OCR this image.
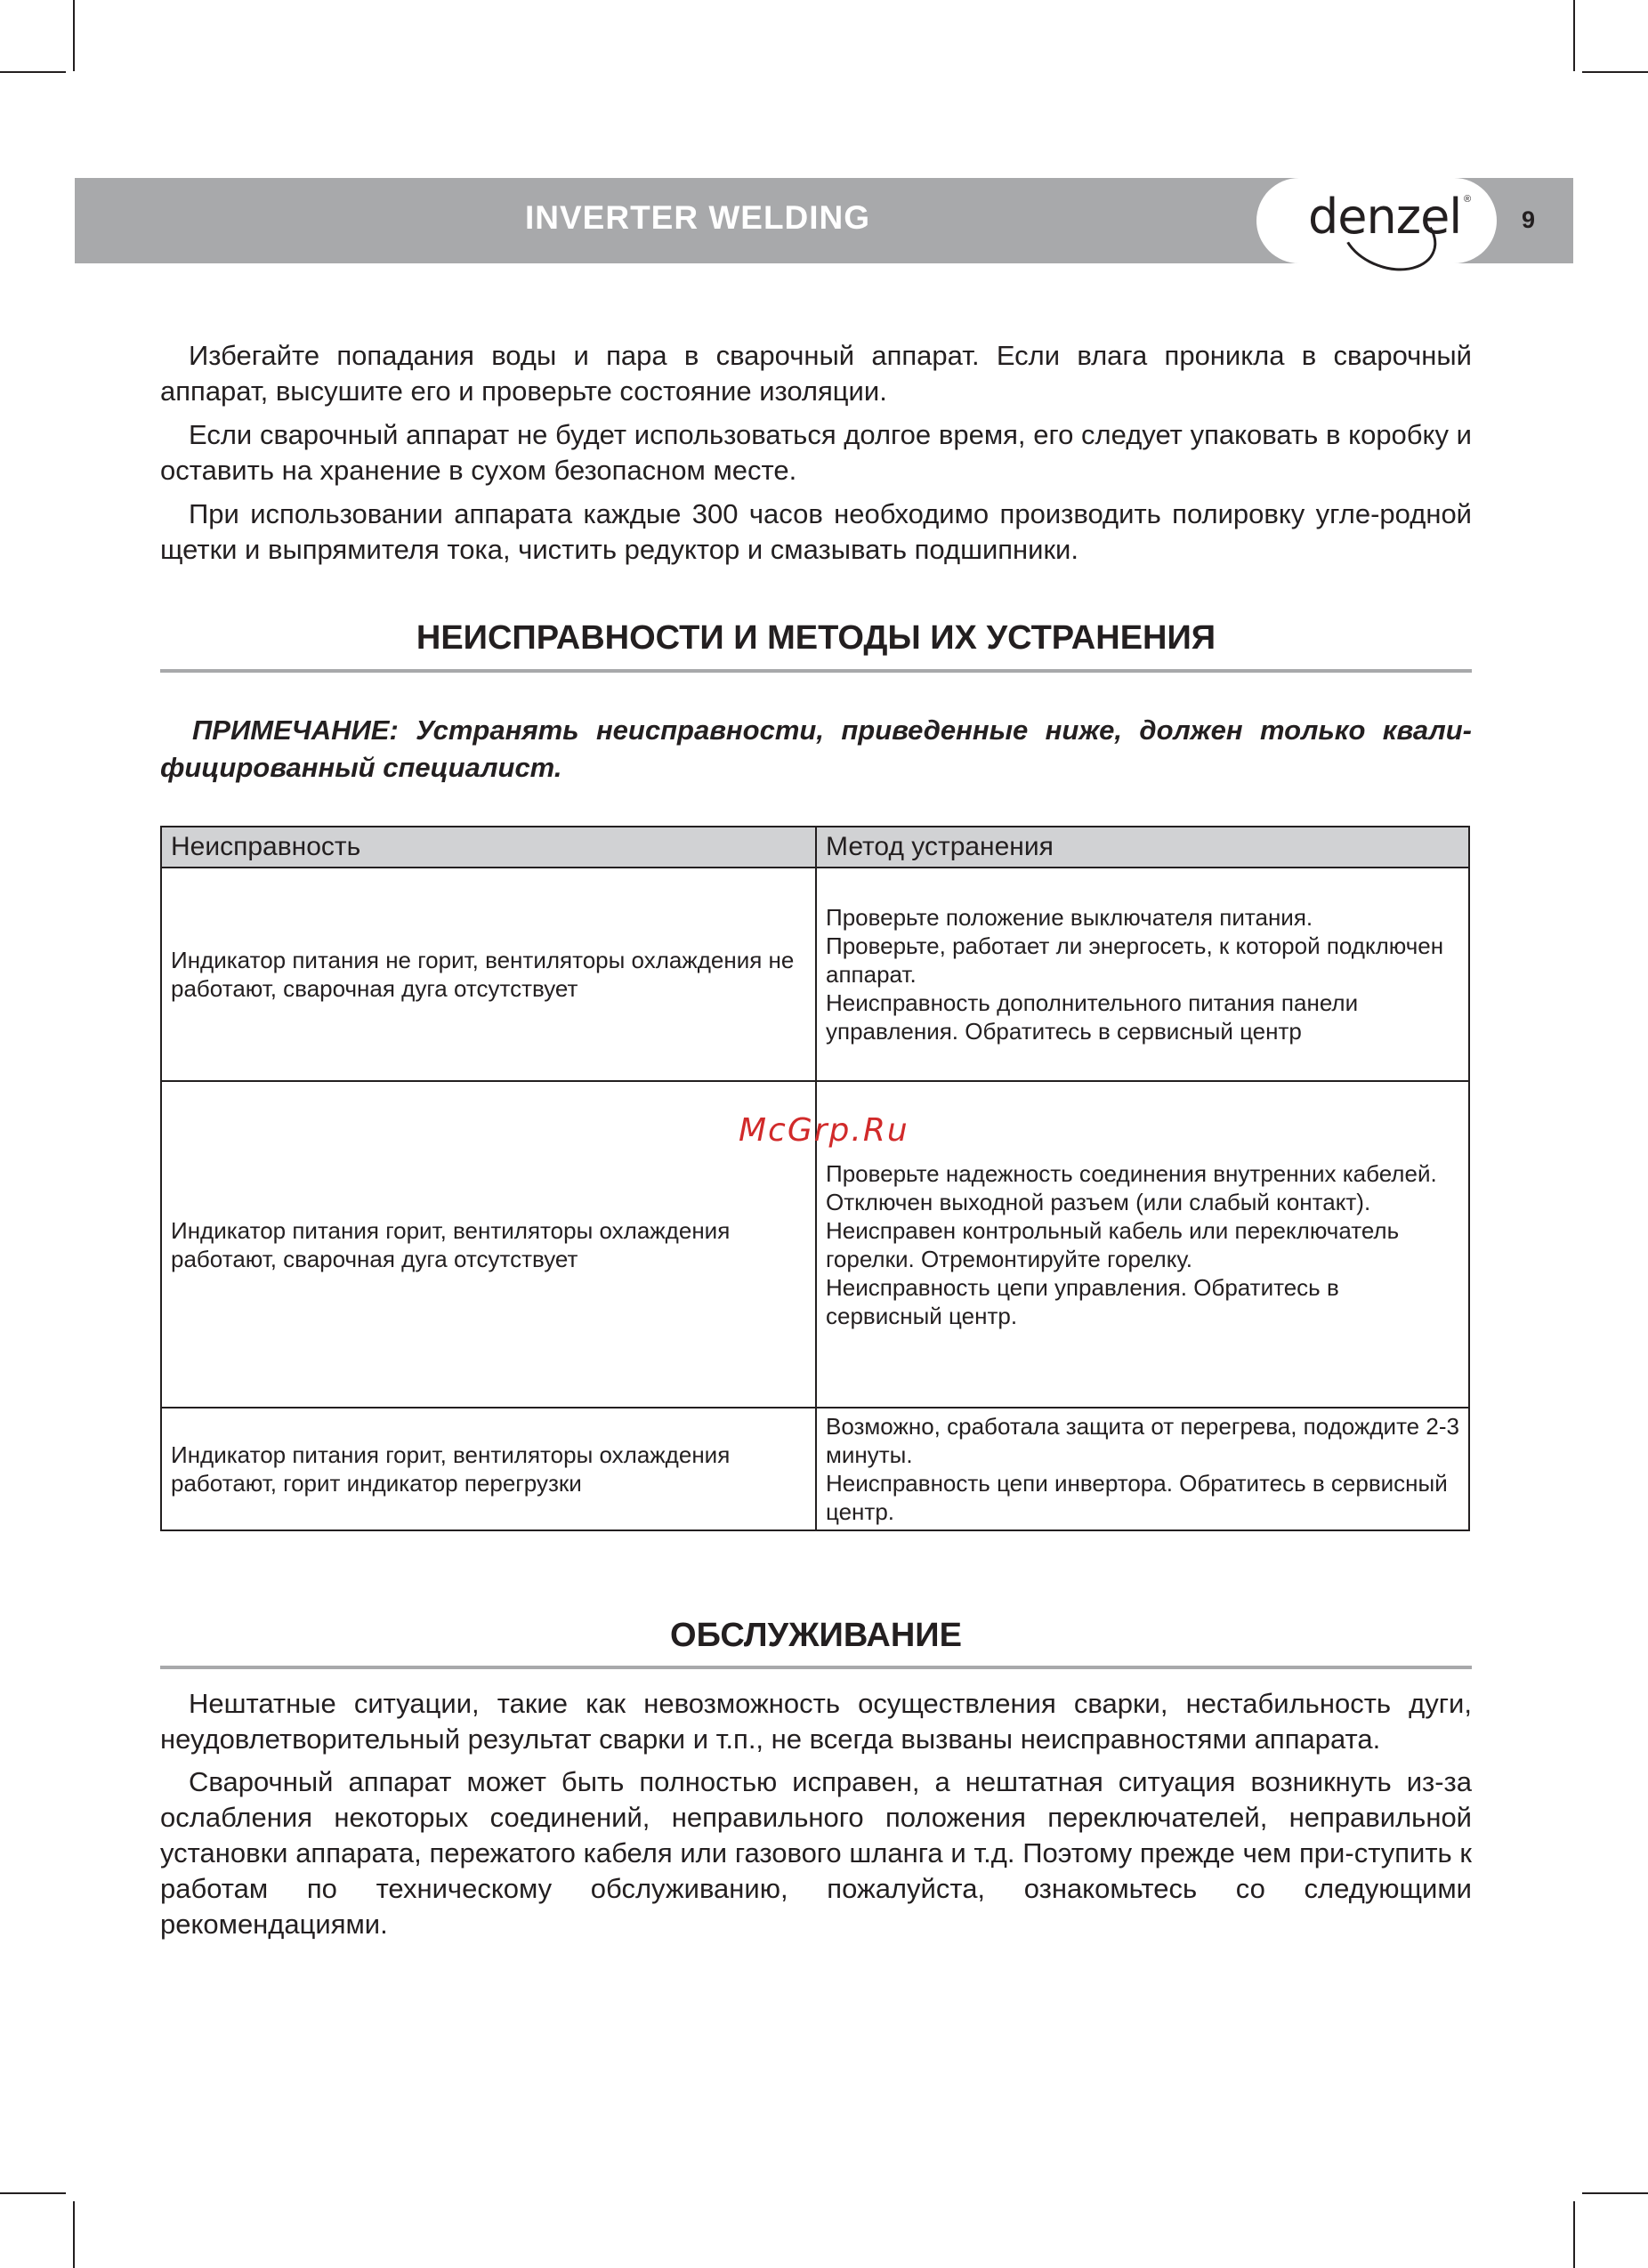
INVERTER WELDING	denzel ®
9

Избегайте попадания воды и пара в сварочный аппарат. Если влага проникла в сварочный аппарат, высушите его и проверьте состояние изоляции.

Если сварочный аппарат не будет использоваться долгое время, его следует упаковать в коробку и оставить на хранение в сухом безопасном месте.

При использовании аппарата каждые 300 часов необходимо производить полировку угле-родной щетки и выпрямителя тока, чистить редуктор и смазывать подшипники.

НЕИСПРАВНОСТИ И МЕТОДЫ ИХ УСТРАНЕНИЯ

ПРИМЕЧАНИЕ: Устранять неисправности, приведенные ниже, должен только квали-фицированный специалист.

Неисправность	Метод устранения
Индикатор питания не горит, вентиляторы охлаждения не работают, сварочная дуга отсутствует	Проверьте положение выключателя питания.
Проверьте, работает ли энергосеть, к которой подключен аппарат.
Неисправность дополнительного питания панели управления. Обратитесь в сервисный центр

Индикатор питания горит, вентиляторы охлаждения работают, сварочная дуга отсутствует	Проверьте надежность соединения внутренних кабелей.
Отключен выходной разъем (или слабый контакт).
Неисправен контрольный кабель или переключатель горелки. Отремонтируйте горелку.
Неисправность цепи управления. Обратитесь в сервисный центр.

Индикатор питания горит, вентиляторы охлаждения работают, горит индикатор перегрузки	Возможно, сработала защита от перегрева, подождите 2-3 минуты.
Неисправность цепи инвертора. Обратитесь в сервисный центр.
McGrp.Ru
ОБСЛУЖИВАНИЕ

Нештатные ситуации, такие как невозможность осуществления сварки, нестабильность дуги, неудовлетворительный результат сварки и т.п., не всегда вызваны неисправностями аппарата.

Сварочный аппарат может быть полностью исправен, а нештатная ситуация возникнуть из-за ослабления некоторых соединений, неправильного положения переключателей, неправильной установки аппарата, пережатого кабеля или газового шланга и т.д. Поэтому прежде чем при-ступить к работам по техническому обслуживанию, пожалуйста, ознакомьтесь со следующими рекомендациями.
